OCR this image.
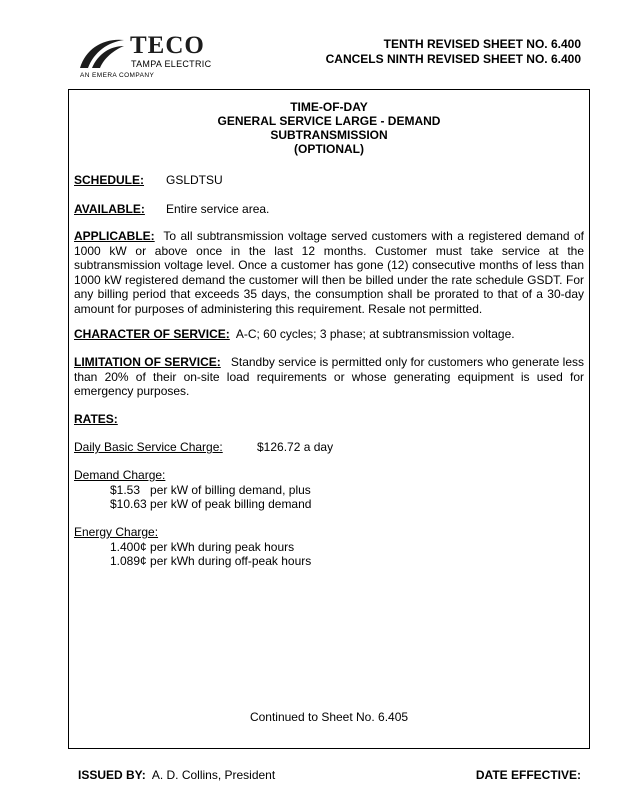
TECO
TAMPA ELECTRIC
AN EMERA COMPANY
TENTH REVISED SHEET NO. 6.400
CANCELS NINTH REVISED SHEET NO. 6.400
TIME-OF-DAY
GENERAL SERVICE LARGE - DEMAND
SUBTRANSMISSION
(OPTIONAL)
SCHEDULE: GSLDTSU
AVAILABLE: Entire service area.
APPLICABLE: To all subtransmission voltage served customers with a registered demand of 1000 kW or above once in the last 12 months. Customer must take service at the subtransmission voltage level. Once a customer has gone (12) consecutive months of less than 1000 kW registered demand the customer will then be billed under the rate schedule GSDT. For any billing period that exceeds 35 days, the consumption shall be prorated to that of a 30-day amount for purposes of administering this requirement. Resale not permitted.
CHARACTER OF SERVICE: A-C; 60 cycles; 3 phase; at subtransmission voltage.
LIMITATION OF SERVICE: Standby service is permitted only for customers who generate less than 20% of their on-site load requirements or whose generating equipment is used for emergency purposes.
RATES:
Daily Basic Service Charge:	$126.72 a day
Demand Charge:
$1.53   per kW of billing demand, plus
$10.63 per kW of peak billing demand
Energy Charge:
1.400¢ per kWh during peak hours
1.089¢ per kWh during off-peak hours
Continued to Sheet No. 6.405
ISSUED BY: A. D. Collins, President	DATE EFFECTIVE:
